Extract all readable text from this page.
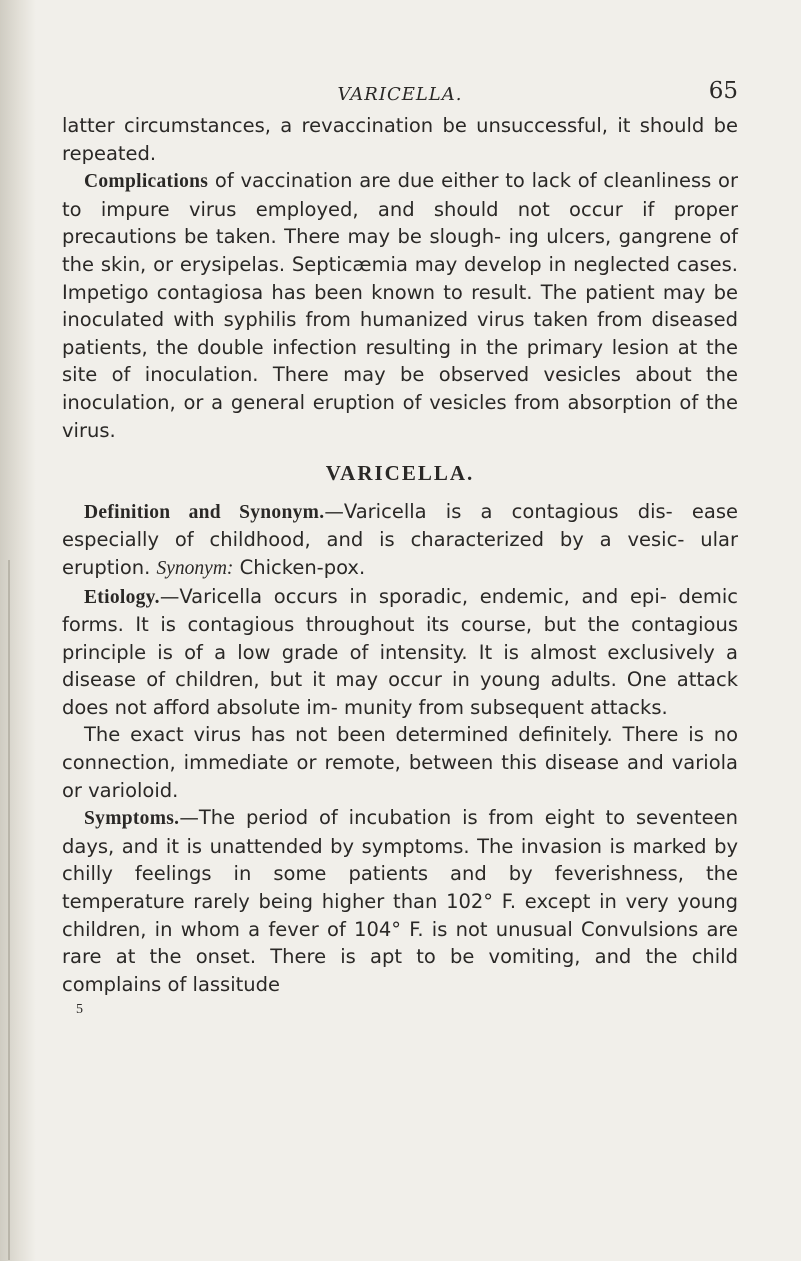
VARICELLA.	65

latter circumstances, a revaccination be unsuccessful, it should be repeated.

Complications of vaccination are due either to lack of cleanliness or to impure virus employed, and should not occur if proper precautions be taken. There may be slough- ing ulcers, gangrene of the skin, or erysipelas. Septicæmia may develop in neglected cases. Impetigo contagiosa has been known to result. The patient may be inoculated with syphilis from humanized virus taken from diseased patients, the double infection resulting in the primary lesion at the site of inoculation. There may be observed vesicles about the inoculation, or a general eruption of vesicles from absorption of the virus.

VARICELLA.

Definition and Synonym.—Varicella is a contagious dis- ease especially of childhood, and is characterized by a vesic- ular eruption. Synonym: Chicken-pox.

Etiology.—Varicella occurs in sporadic, endemic, and epi- demic forms. It is contagious throughout its course, but the contagious principle is of a low grade of intensity. It is almost exclusively a disease of children, but it may occur in young adults. One attack does not afford absolute im- munity from subsequent attacks.

The exact virus has not been determined definitely. There is no connection, immediate or remote, between this disease and variola or varioloid.

Symptoms.—The period of incubation is from eight to seventeen days, and it is unattended by symptoms. The invasion is marked by chilly feelings in some patients and by feverishness, the temperature rarely being higher than 102° F. except in very young children, in whom a fever of 104° F. is not unusual Convulsions are rare at the onset. There is apt to be vomiting, and the child complains of lassitude

5
